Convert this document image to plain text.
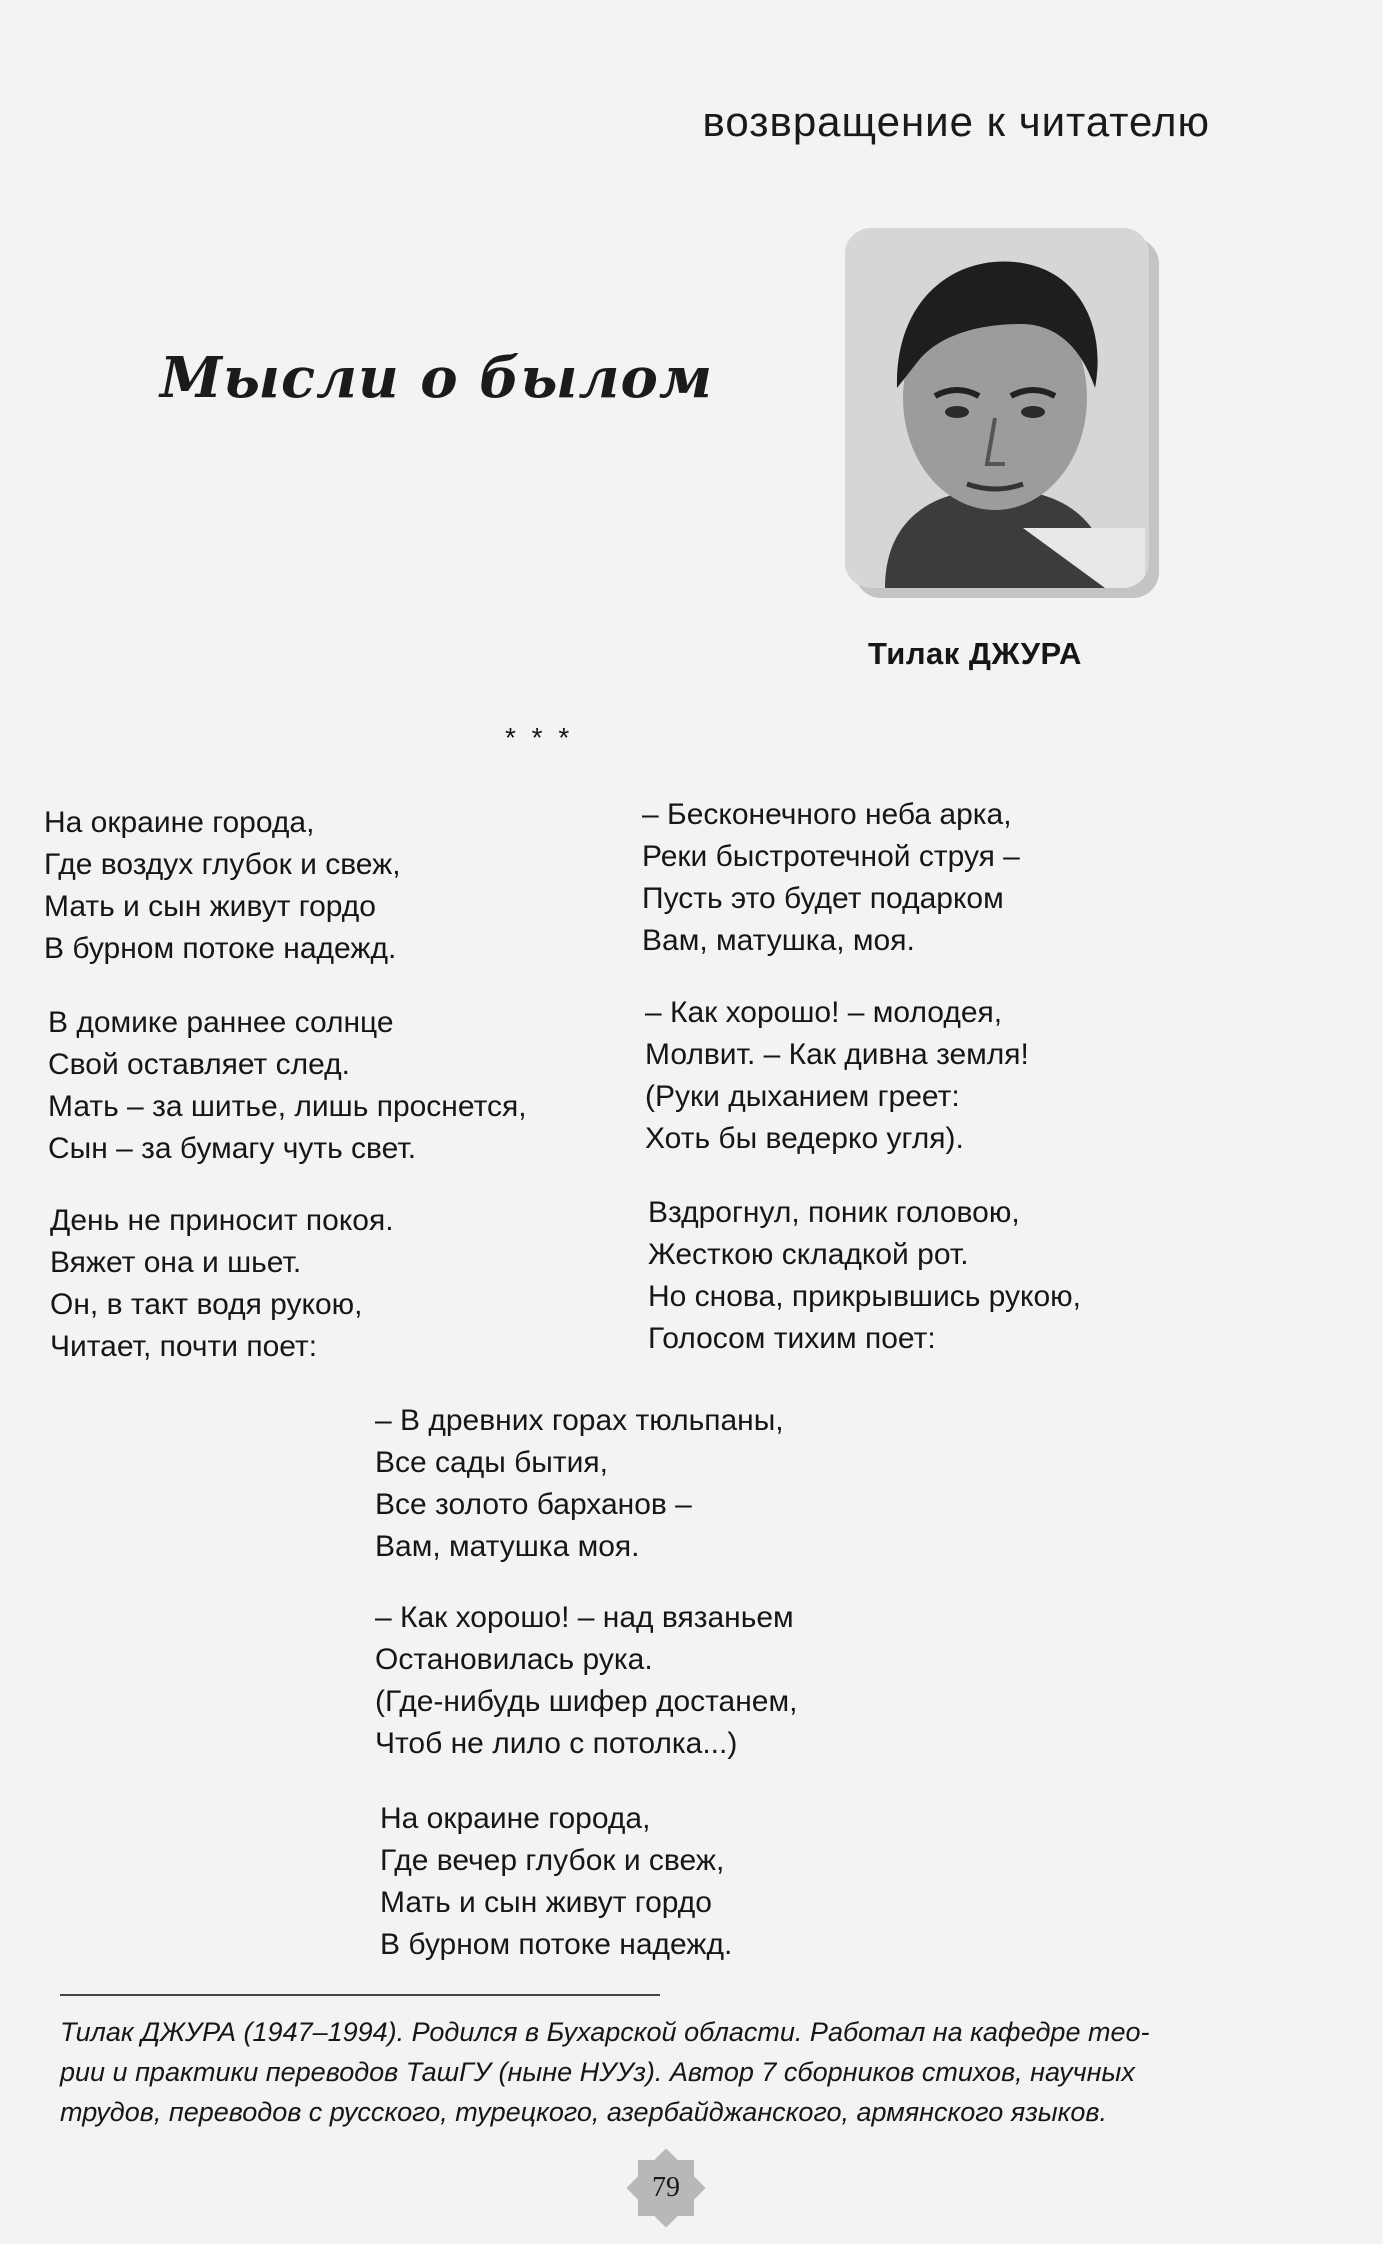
возвращение к читателю
Мысли о былом
Тилак ДЖУРА
* * *
На окраине города,
Где воздух глубок и свеж,
Мать и сын живут гордо
В бурном потоке надежд.
В домике раннее солнце
Свой оставляет след.
Мать – за шитье, лишь проснется,
Сын – за бумагу чуть свет.
День не приносит покоя.
Вяжет она и шьет.
Он, в такт водя рукою,
Читает, почти поет:
– Бесконечного неба арка,
Реки быстротечной струя –
Пусть это будет подарком
Вам, матушка, моя.
– Как хорошо! – молодея,
Молвит. – Как дивна земля!
(Руки дыханием греет:
Хоть бы ведерко угля).
Вздрогнул, поник головою,
Жесткою складкой рот.
Но снова, прикрывшись рукою,
Голосом тихим поет:
– В древних горах тюльпаны,
Все сады бытия,
Все золото барханов –
Вам, матушка моя.
– Как хорошо! – над вязаньем
Остановилась рука.
(Где-нибудь шифер достанем,
Чтоб не лило с потолка...)
На окраине города,
Где вечер глубок и свеж,
Мать и сын живут гордо
В бурном потоке надежд.
Тилак ДЖУРА (1947–1994). Родился в Бухарской области. Работал на кафедре тео-
рии и практики переводов ТашГУ (ныне НУУз). Автор 7 сборников стихов, научных
трудов, переводов с русского, турецкого, азербайджанского, армянского языков.
79
